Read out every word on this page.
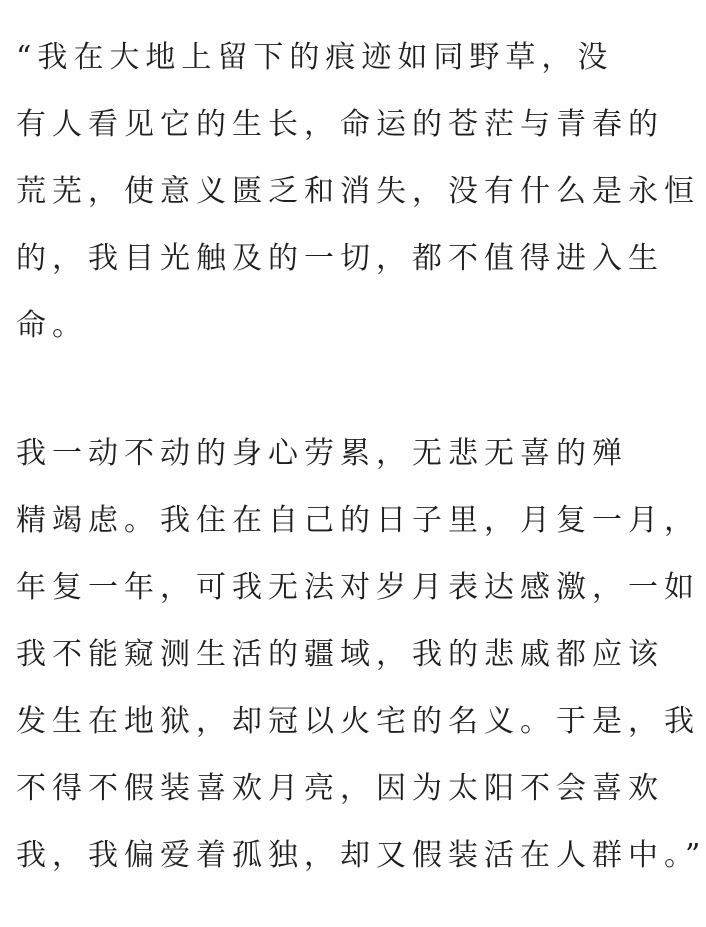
“我在大地上留下的痕迹如同野草，没
有人看见它的生长，命运的苍茫与青春的
荒芜，使意义匮乏和消失，没有什么是永恒
的，我目光触及的一切，都不值得进入生
命。
我一动不动的身心劳累，无悲无喜的殚
精竭虑。我住在自己的日子里，月复一月，
年复一年，可我无法对岁月表达感激，一如
我不能窥测生活的疆域，我的悲戚都应该
发生在地狱，却冠以火宅的名义。于是，我
不得不假装喜欢月亮，因为太阳不会喜欢
我，我偏爱着孤独，却又假装活在人群中。”
